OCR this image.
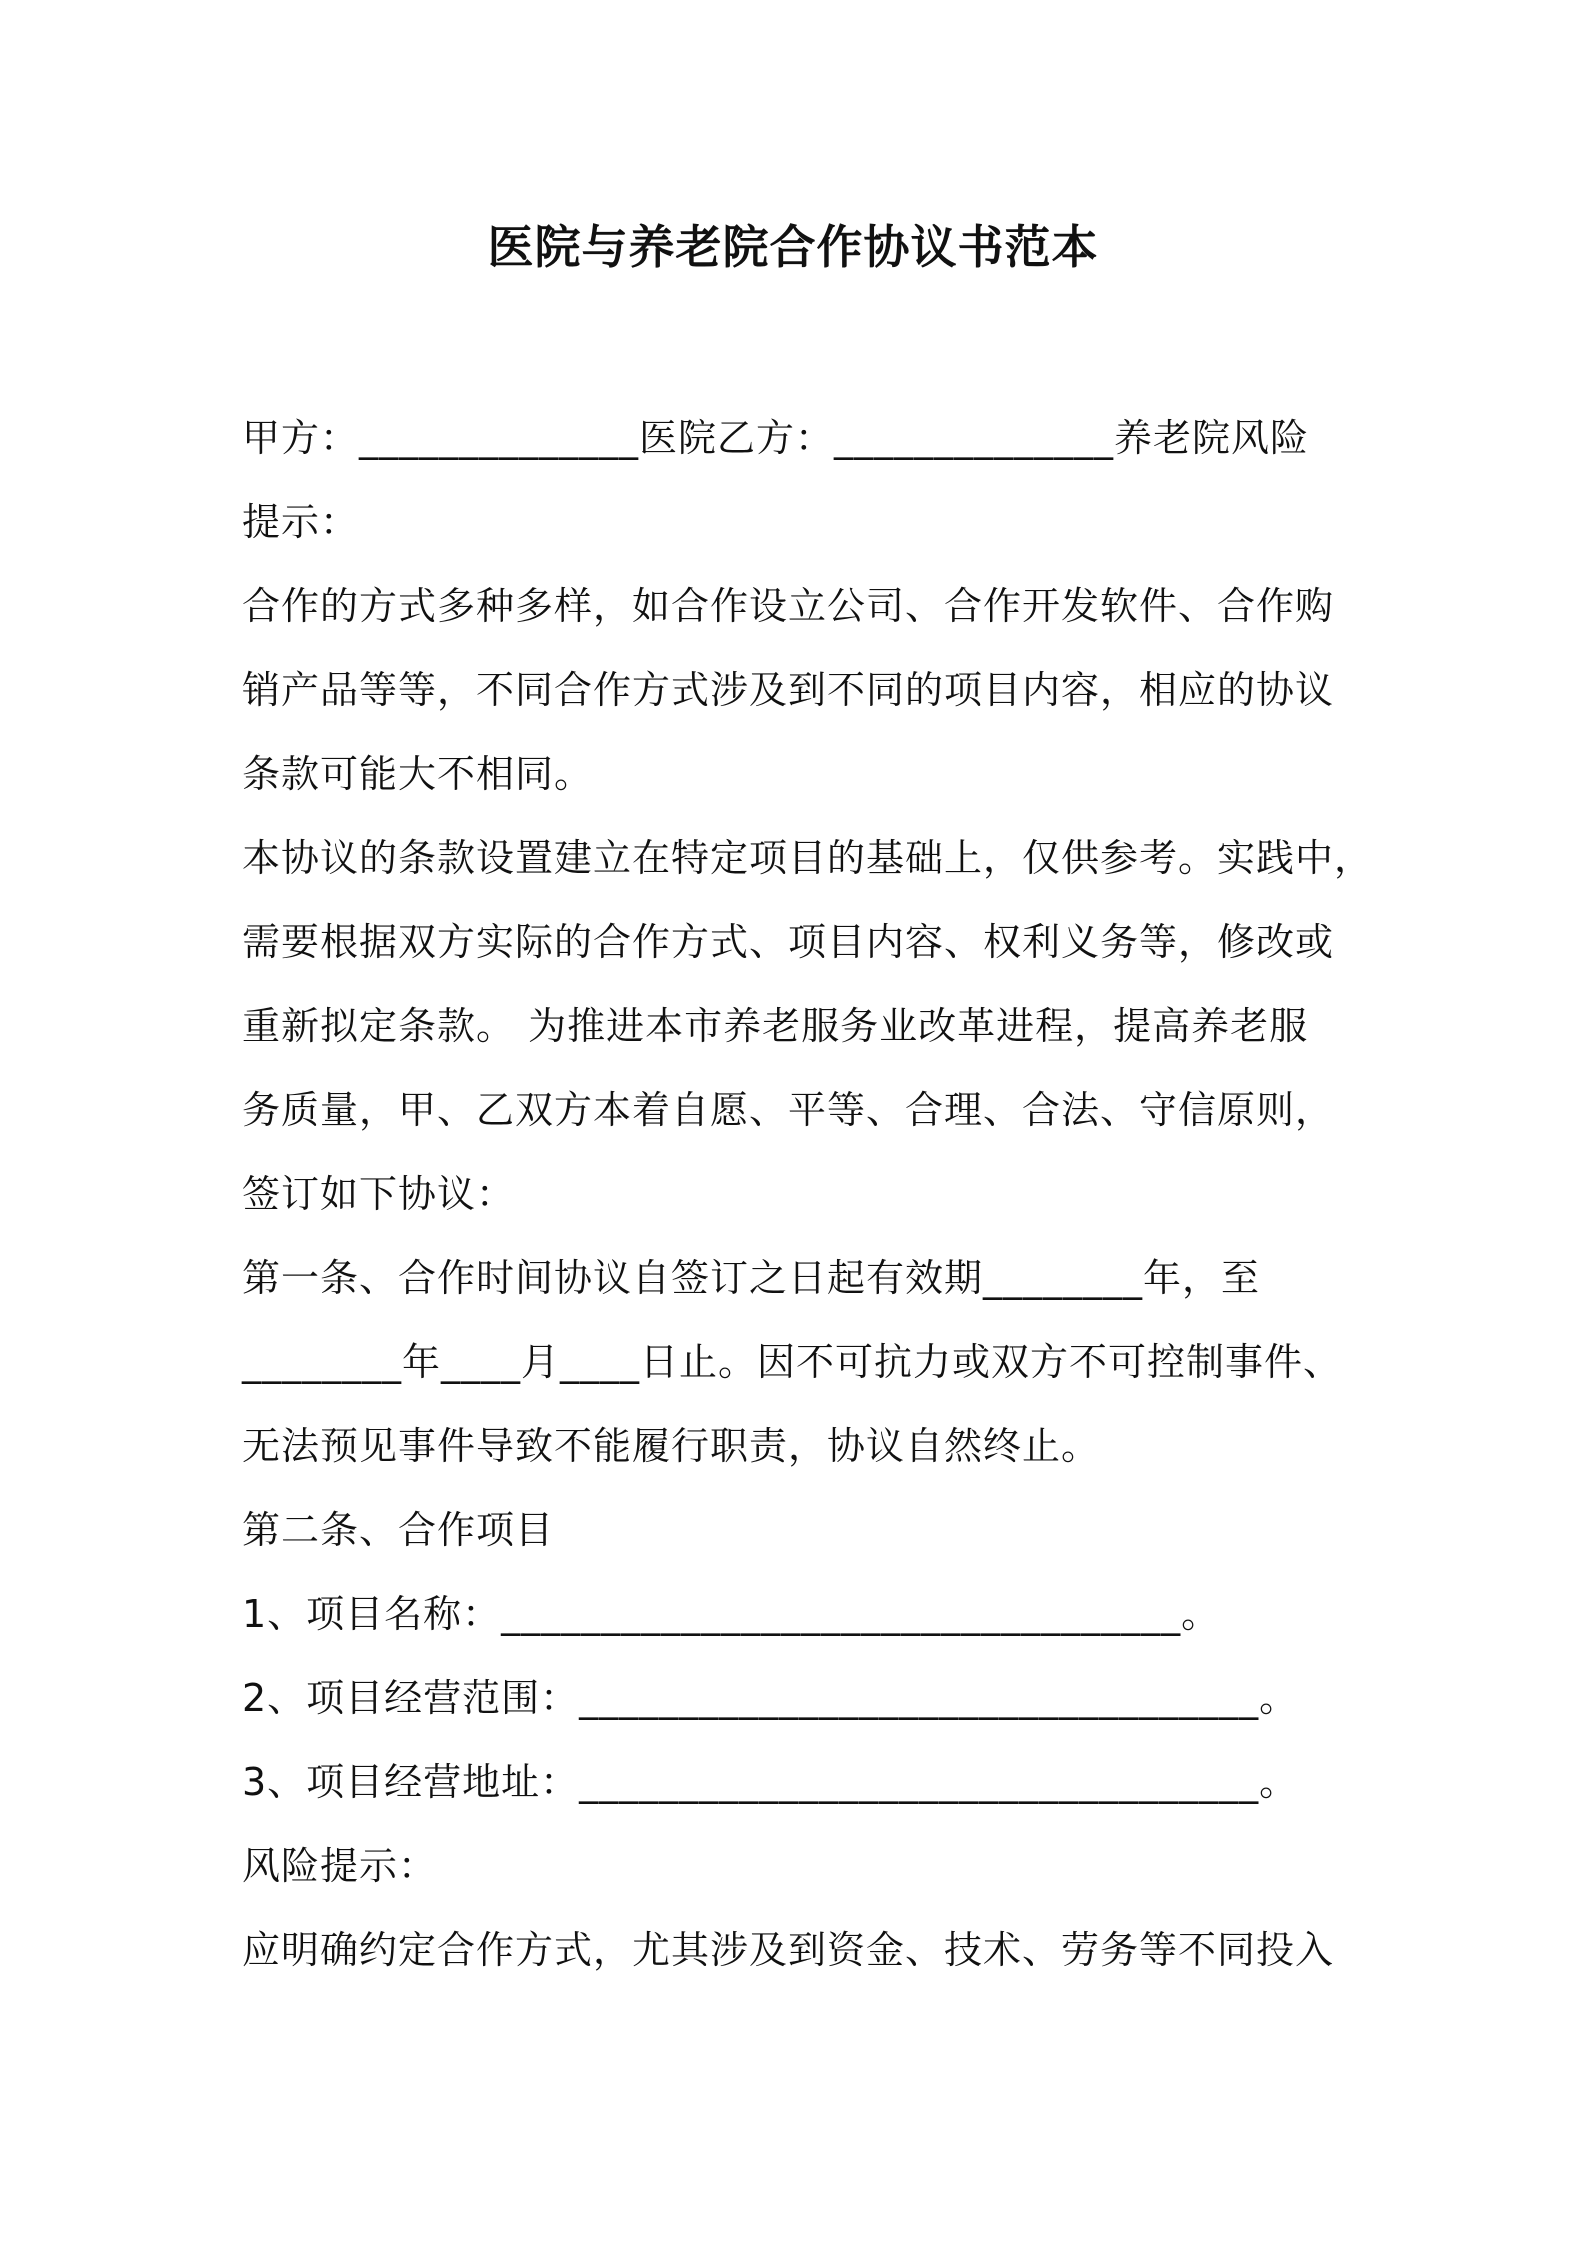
医院与养老院合作协议书范本

甲方：______________医院乙方：______________养老院风险

提示：

合作的方式多种多样，如合作设立公司、合作开发软件、合作购

销产品等等，不同合作方式涉及到不同的项目内容，相应的协议

条款可能大不相同。

本协议的条款设置建立在特定项目的基础上，仅供参考。实践中，

需要根据双方实际的合作方式、项目内容、权利义务等，修改或

重新拟定条款。 为推进本市养老服务业改革进程，提高养老服

务质量，甲、乙双方本着自愿、平等、合理、合法、守信原则，

签订如下协议：

第一条、合作时间协议自签订之日起有效期________年，至

________年____月____日止。因不可抗力或双方不可控制事件、

无法预见事件导致不能履行职责，协议自然终止。

第二条、合作项目

1、项目名称：__________________________________。

2、项目经营范围：__________________________________。

3、项目经营地址：__________________________________。

风险提示：

应明确约定合作方式，尤其涉及到资金、技术、劳务等不同投入
